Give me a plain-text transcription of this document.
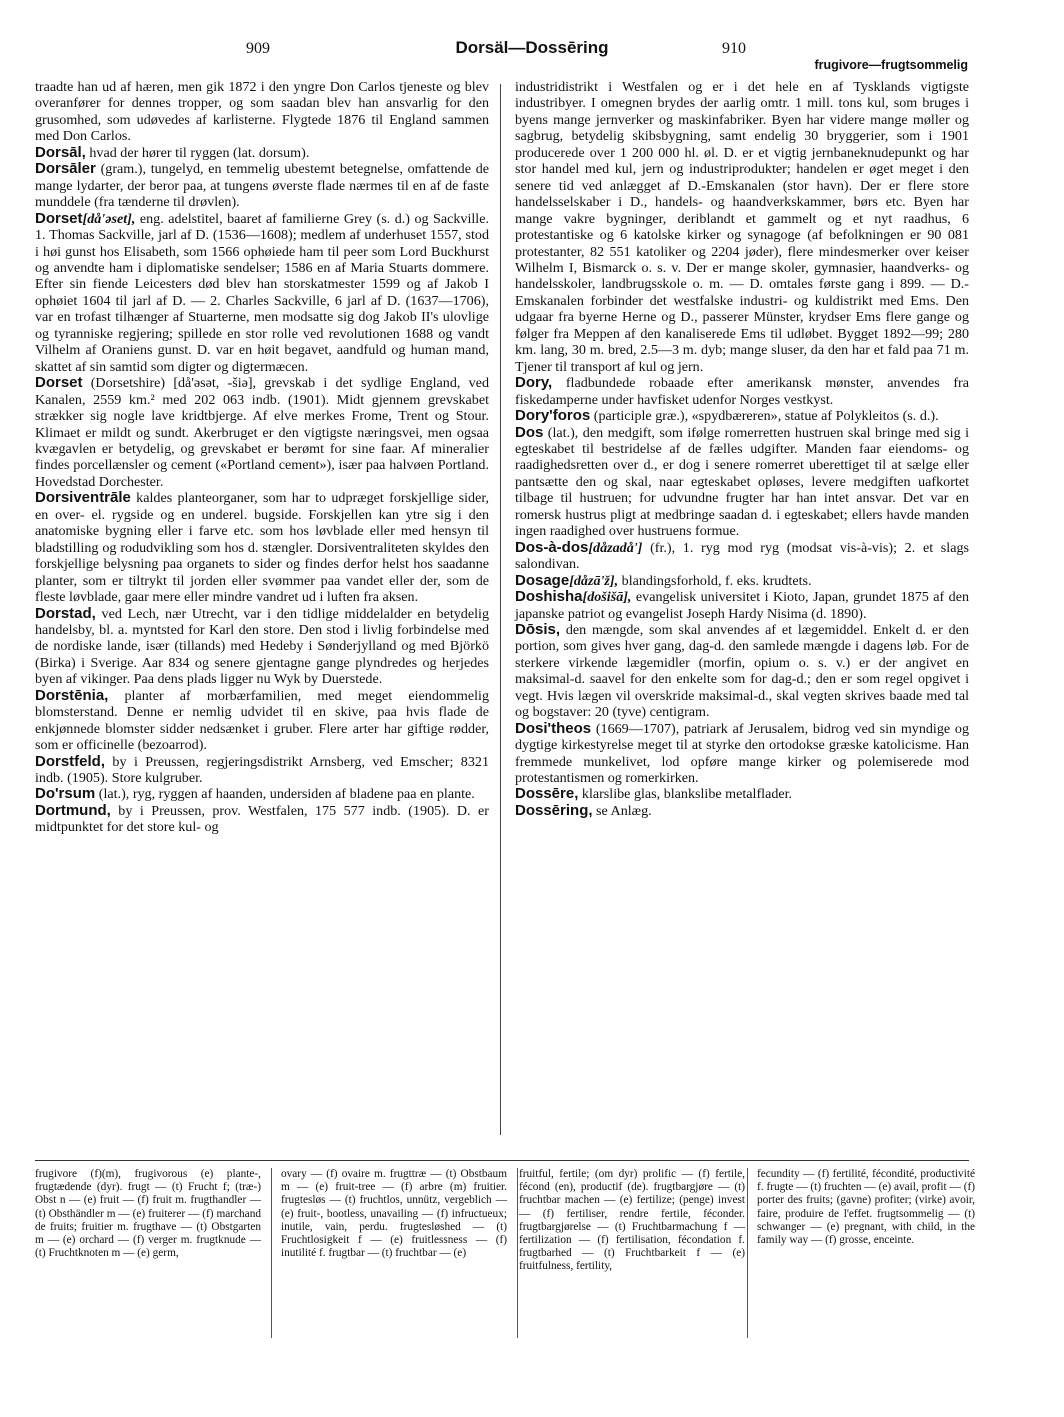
909	Dorsäl—Dossēring	910
frugivore—frugtsommelig

traadte han ud af hæren, men gik 1872 i den yngre Don Carlos tjeneste og blev overanfører for dennes tropper, og som saadan blev han ansvarlig for den grusomhed, som udøvedes af karlisterne. Flygtede 1876 til England sammen med Don Carlos.

Dorsāl, hvad der hører til ryggen (lat. dorsum).

Dorsāler (gram.), tungelyd, en temmelig ubestemt betegnelse, omfattende de mange lydarter, der beror paa, at tungens øverste flade nærmes til en af de faste munddele (fra tænderne til drøvlen).

Dorset[då'əset], eng. adelstitel, baaret af familierne Grey (s. d.) og Sackville. 1. Thomas Sackville, jarl af D. (1536—1608); medlem af underhuset 1557, stod i høi gunst hos Elisabeth, som 1566 ophøiede ham til peer som Lord Buckhurst og anvendte ham i diplomatiske sendelser; 1586 en af Maria Stuarts dommere. Efter sin fiende Leicesters død blev han storskatmester 1599 og af Jakob I ophøiet 1604 til jarl af D. — 2. Charles Sackville, 6 jarl af D. (1637—1706), var en trofast tilhænger af Stuarterne, men modsatte sig dog Jakob II's ulovlige og tyranniske regjering; spillede en stor rolle ved revolutionen 1688 og vandt Vilhelm af Oraniens gunst. D. var en høit begavet, aandfuld og human mand, skattet af sin samtid som digter og digtermæcen.

Dorset (Dorsetshire) [då'əsət, -šiə], grevskab i det sydlige England, ved Kanalen, 2559 km.² med 202 063 indb. (1901). Midt gjennem grevskabet strækker sig nogle lave kridtbjerge. Af elve merkes Frome, Trent og Stour. Klimaet er mildt og sundt. Akerbruget er den vigtigste næringsvei, men ogsaa kvægavlen er betydelig, og grevskabet er berømt for sine faar. Af mineralier findes porcellænsler og cement («Portland cement»), især paa halvøen Portland. Hovedstad Dorchester.

Dorsiventrāle kaldes planteorganer, som har to udpræget forskjellige sider, en over- el. rygside og en underel. bugside. Forskjellen kan ytre sig i den anatomiske bygning eller i farve etc. som hos løvblade eller med hensyn til bladstilling og rodudvikling som hos d. stængler. Dorsiventraliteten skyldes den forskjellige belysning paa organets to sider og findes derfor helst hos saadanne planter, som er tiltrykt til jorden eller svømmer paa vandet eller der, som de fleste løvblade, gaar mere eller mindre vandret ud i luften fra aksen.

Dorstad, ved Lech, nær Utrecht, var i den tidlige middelalder en betydelig handelsby, bl. a. myntsted for Karl den store. Den stod i livlig forbindelse med de nordiske lande, især (tillands) med Hedeby i Sønderjylland og med Björkö (Birka) i Sverige. Aar 834 og senere gjentagne gange plyndredes og herjedes byen af vikinger. Paa dens plads ligger nu Wyk by Duerstede.

Dorstēnia, planter af morbærfamilien, med meget eiendommelig blomsterstand. Denne er nemlig udvidet til en skive, paa hvis flade de enkjønnede blomster sidder nedsænket i gruber. Flere arter har giftige rødder, som er officinelle (bezoarrod).

Dorstfeld, by i Preussen, regjeringsdistrikt Arnsberg, ved Emscher; 8321 indb. (1905). Store kulgruber.

Do'rsum (lat.), ryg, ryggen af haanden, undersiden af bladene paa en plante.

Dortmund, by i Preussen, prov. Westfalen, 175 577 indb. (1905). D. er midtpunktet for det store kul- og

industridistrikt i Westfalen og er i det hele en af Tysklands vigtigste industribyer. I omegnen brydes der aarlig omtr. 1 mill. tons kul, som bruges i byens mange jernverker og maskinfabriker. Byen har videre mange møller og sagbrug, betydelig skibsbygning, samt endelig 30 bryggerier, som i 1901 producerede over 1 200 000 hl. øl. D. er et vigtig jernbaneknudepunkt og har stor handel med kul, jern og industriprodukter; handelen er øget meget i den senere tid ved anlægget af D.-Emskanalen (stor havn). Der er flere store handelsselskaber i D., handels- og haandverkskammer, børs etc. Byen har mange vakre bygninger, deriblandt et gammelt og et nyt raadhus, 6 protestantiske og 6 katolske kirker og synagoge (af befolkningen er 90 081 protestanter, 82 551 katoliker og 2204 jøder), flere mindesmerker over keiser Wilhelm I, Bismarck o. s. v. Der er mange skoler, gymnasier, haandverks- og handelsskoler, landbrugsskole o. m. — D. omtales første gang i 899. — D.-Emskanalen forbinder det westfalske industri- og kuldistrikt med Ems. Den udgaar fra byerne Herne og D., passerer Münster, krydser Ems flere gange og følger fra Meppen af den kanaliserede Ems til udløbet. Bygget 1892—99; 280 km. lang, 30 m. bred, 2.5—3 m. dyb; mange sluser, da den har et fald paa 71 m. Tjener til transport af kul og jern.

Dory, fladbundede robaade efter amerikansk mønster, anvendes fra fiskedamperne under havfisket udenfor Norges vestkyst.

Dory'foros (participle græ.), «spydbæreren», statue af Polykleitos (s. d.).

Dos (lat.), den medgift, som ifølge romerretten hustruen skal bringe med sig i egteskabet til bestridelse af de fælles udgifter. Manden faar eiendoms- og raadighedsretten over d., er dog i senere romerret uberettiget til at sælge eller pantsætte den og skal, naar egteskabet opløses, levere medgiften uafkortet tilbage til hustruen; for udvundne frugter har han intet ansvar. Det var en romersk hustrus pligt at medbringe saadan d. i egteskabet; ellers havde manden ingen raadighed over hustruens formue.

Dos-à-dos[dåzadå'] (fr.), 1. ryg mod ryg (modsat vis-à-vis); 2. et slags salondivan.

Dosage[dåzā'ž], blandingsforhold, f. eks. krudtets.

Doshisha[došišā], evangelisk universitet i Kioto, Japan, grundet 1875 af den japanske patriot og evangelist Joseph Hardy Nisima (d. 1890).

Dōsis, den mængde, som skal anvendes af et lægemiddel. Enkelt d. er den portion, som gives hver gang, dag-d. den samlede mængde i dagens løb. For de sterkere virkende lægemidler (morfin, opium o. s. v.) er der angivet en maksimal-d. saavel for den enkelte som for dag-d.; den er som regel opgivet i vegt. Hvis lægen vil overskride maksimal-d., skal vegten skrives baade med tal og bogstaver: 20 (tyve) centigram.

Dosi'theos (1669—1707), patriark af Jerusalem, bidrog ved sin myndige og dygtige kirkestyrelse meget til at styrke den ortodokse græske katolicisme. Han fremmede munkelivet, lod opføre mange kirker og polemiserede mod protestantismen og romerkirken.

Dossēre, klarslibe glas, blankslibe metalflader.

Dossēring, se Anlæg.

frugivore (f)(m), frugivorous (e) plante-, frugtædende (dyr). frugt — (t) Frucht f; (træ-) Obst n — (e) fruit — (f) fruit m. frugthandler — (t) Obsthändler m — (e) fruiterer — (f) marchand de fruits; fruitier m. frugthave — (t) Obstgarten m — (e) orchard — (f) verger m. frugtknude — (t) Fruchtknoten m — (e) germ,
ovary — (f) ovaire m. frugttræ — (t) Obstbaum m — (e) fruit-tree — (f) arbre (m) fruitier. frugtesløs — (t) fruchtlos, unnütz, vergeblich — (e) fruit-, bootless, unavailing — (f) infructueux; inutile, vain, perdu. frugtesløshed — (t) Fruchtlosigkeit f — (e) fruitlessness — (f) inutilité f. frugtbar — (t) fruchtbar — (e)
fruitful, fertile; (om dyr) prolific — (f) fertile, fécond (en), productif (de). frugtbargjøre — (t) fruchtbar machen — (e) fertilize; (penge) invest — (f) fertiliser, rendre fertile, féconder. frugtbargjørelse — (t) Fruchtbarmachung f — fertilization — (f) fertilisation, fécondation f. frugtbarhed — (t) Fruchtbarkeit f — (e) fruitfulness, fertility,
fecundity — (f) fertilité, fécondité, productivité f. frugte — (t) fruchten — (e) avail, profit — (f) porter des fruits; (gavne) profiter; (virke) avoir, faire, produire de l'effet. frugtsommelig — (t) schwanger — (e) pregnant, with child, in the family way — (f) grosse, enceinte.
